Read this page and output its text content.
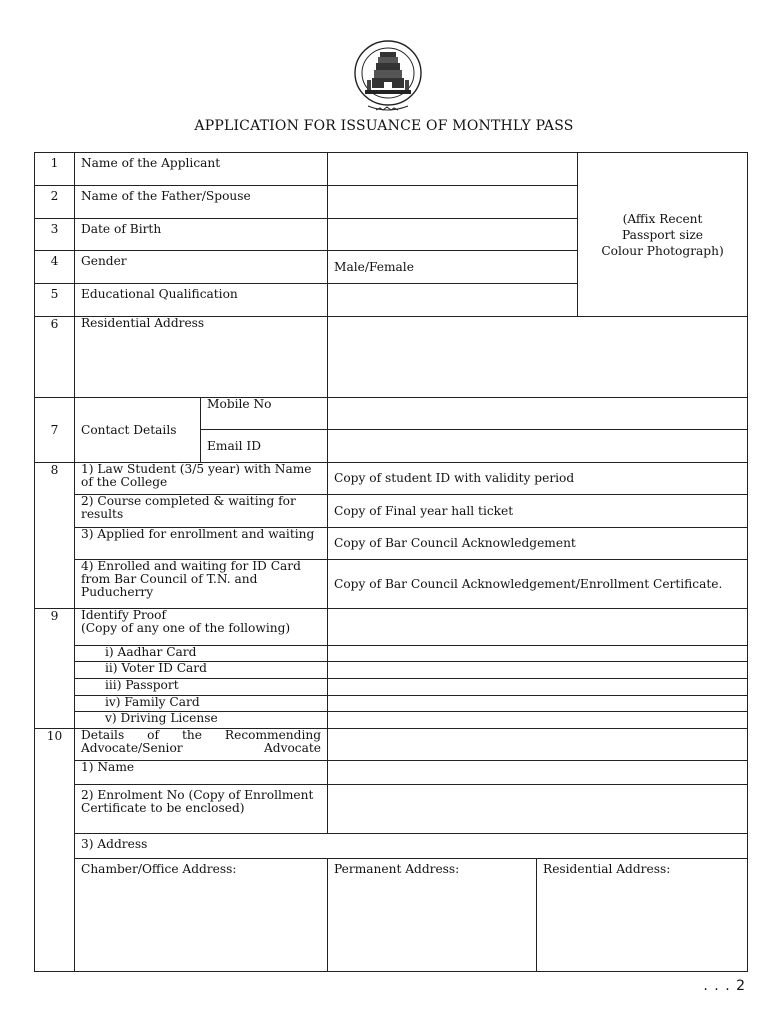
APPLICATION FOR ISSUANCE OF MONTHLY PASS
1	Name of the Applicant				(Affix Recent
Passport size
Colour Photograph)

2	Name of the Father/Spouse				
3	Date of Birth				
4	Gender		Male/Female		
5	Educational Qualification				
6	Residential Address				
7	Contact Details	Mobile No			
		Email ID			
8	1) Law Student (3/5 year) with Name of the College		Copy of student ID with validity period		
	2) Course completed & waiting for results		Copy of Final year hall ticket		
	3) Applied for enrollment and waiting		Copy of Bar Council Acknowledgement		
	4) Enrolled and waiting for ID Card from Bar Council of T.N. and Puducherry		Copy of Bar Council Acknowledgement/Enrollment Certificate.		
9	Identify Proof
(Copy of any one of the following)				

	i) Aadhar Card				
	ii) Voter ID Card				
	iii) Passport				
	iv) Family Card				
	v) Driving License				
10	Details of the Recommending Advocate/Senior Advocate				
	1) Name				
	2) Enrolment No (Copy of Enrollment Certificate to be enclosed)				
	3) Address				
	Chamber/Office Address:		Permanent Address:	Residential Address:	
. . . 2
